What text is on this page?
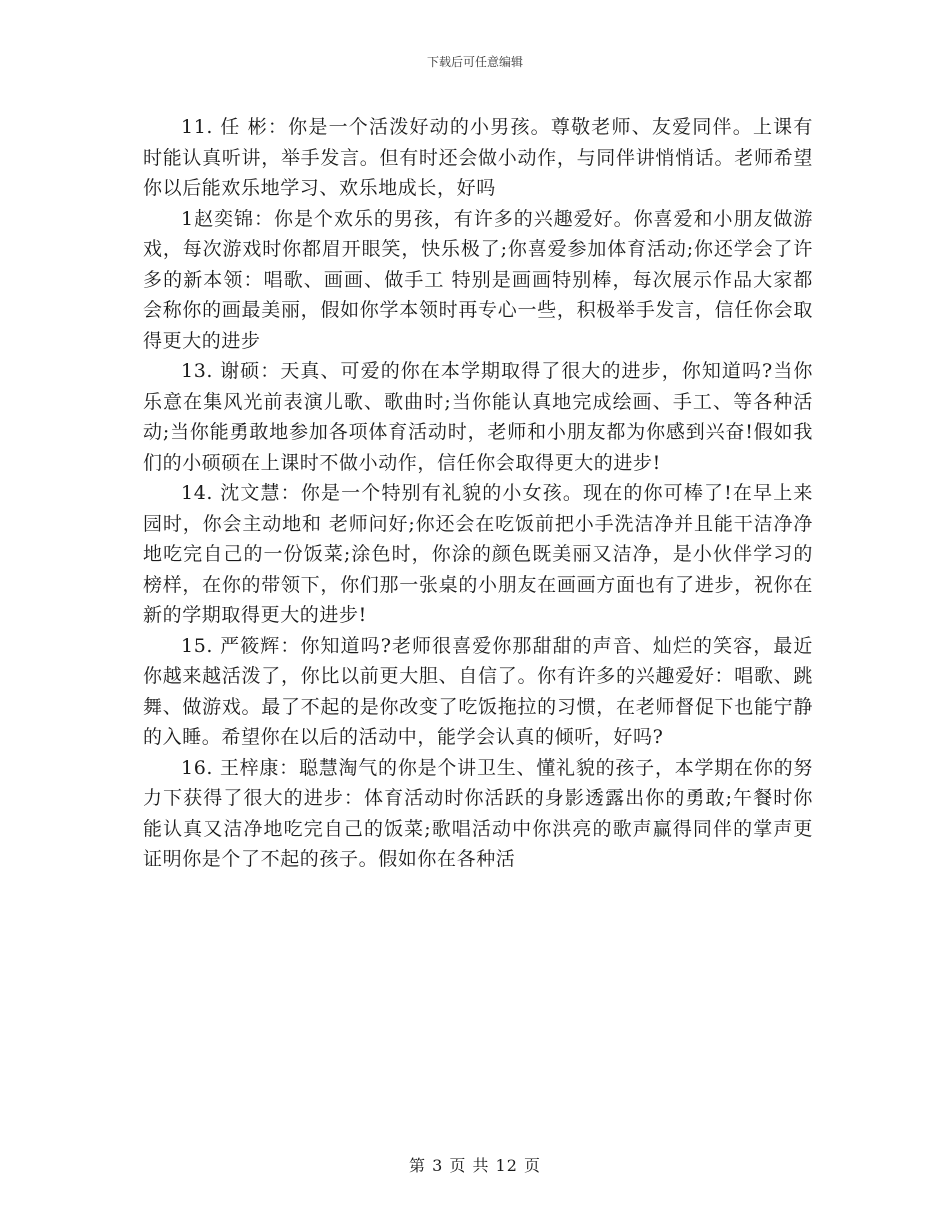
下载后可任意编辑

11. 任 彬：你是一个活泼好动的小男孩。尊敬老师、友爱同伴。上课有时能认真听讲，举手发言。但有时还会做小动作，与同伴讲悄悄话。老师希望你以后能欢乐地学习、欢乐地成长，好吗

1赵奕锦：你是个欢乐的男孩，有许多的兴趣爱好。你喜爱和小朋友做游戏，每次游戏时你都眉开眼笑，快乐极了;你喜爱参加体育活动;你还学会了许多的新本领：唱歌、画画、做手工 特别是画画特别棒，每次展示作品大家都会称你的画最美丽，假如你学本领时再专心一些，积极举手发言，信任你会取得更大的进步

13. 谢硕：天真、可爱的你在本学期取得了很大的进步，你知道吗?当你乐意在集风光前表演儿歌、歌曲时;当你能认真地完成绘画、手工、等各种活动;当你能勇敢地参加各项体育活动时，老师和小朋友都为你感到兴奋!假如我们的小硕硕在上课时不做小动作，信任你会取得更大的进步!

14. 沈文慧：你是一个特别有礼貌的小女孩。现在的你可棒了!在早上来园时，你会主动地和 老师问好;你还会在吃饭前把小手洗洁净并且能干洁净净地吃完自己的一份饭菜;涂色时，你涂的颜色既美丽又洁净，是小伙伴学习的榜样，在你的带领下，你们那一张桌的小朋友在画画方面也有了进步，祝你在新的学期取得更大的进步!

15. 严筱辉：你知道吗?老师很喜爱你那甜甜的声音、灿烂的笑容，最近你越来越活泼了，你比以前更大胆、自信了。你有许多的兴趣爱好：唱歌、跳舞、做游戏。最了不起的是你改变了吃饭拖拉的习惯，在老师督促下也能宁静的入睡。希望你在以后的活动中，能学会认真的倾听，好吗?

16. 王梓康：聪慧淘气的你是个讲卫生、懂礼貌的孩子，本学期在你的努力下获得了很大的进步：体育活动时你活跃的身影透露出你的勇敢;午餐时你能认真又洁净地吃完自己的饭菜;歌唱活动中你洪亮的歌声赢得同伴的掌声更证明你是个了不起的孩子。假如你在各种活

第 3 页 共 12 页
